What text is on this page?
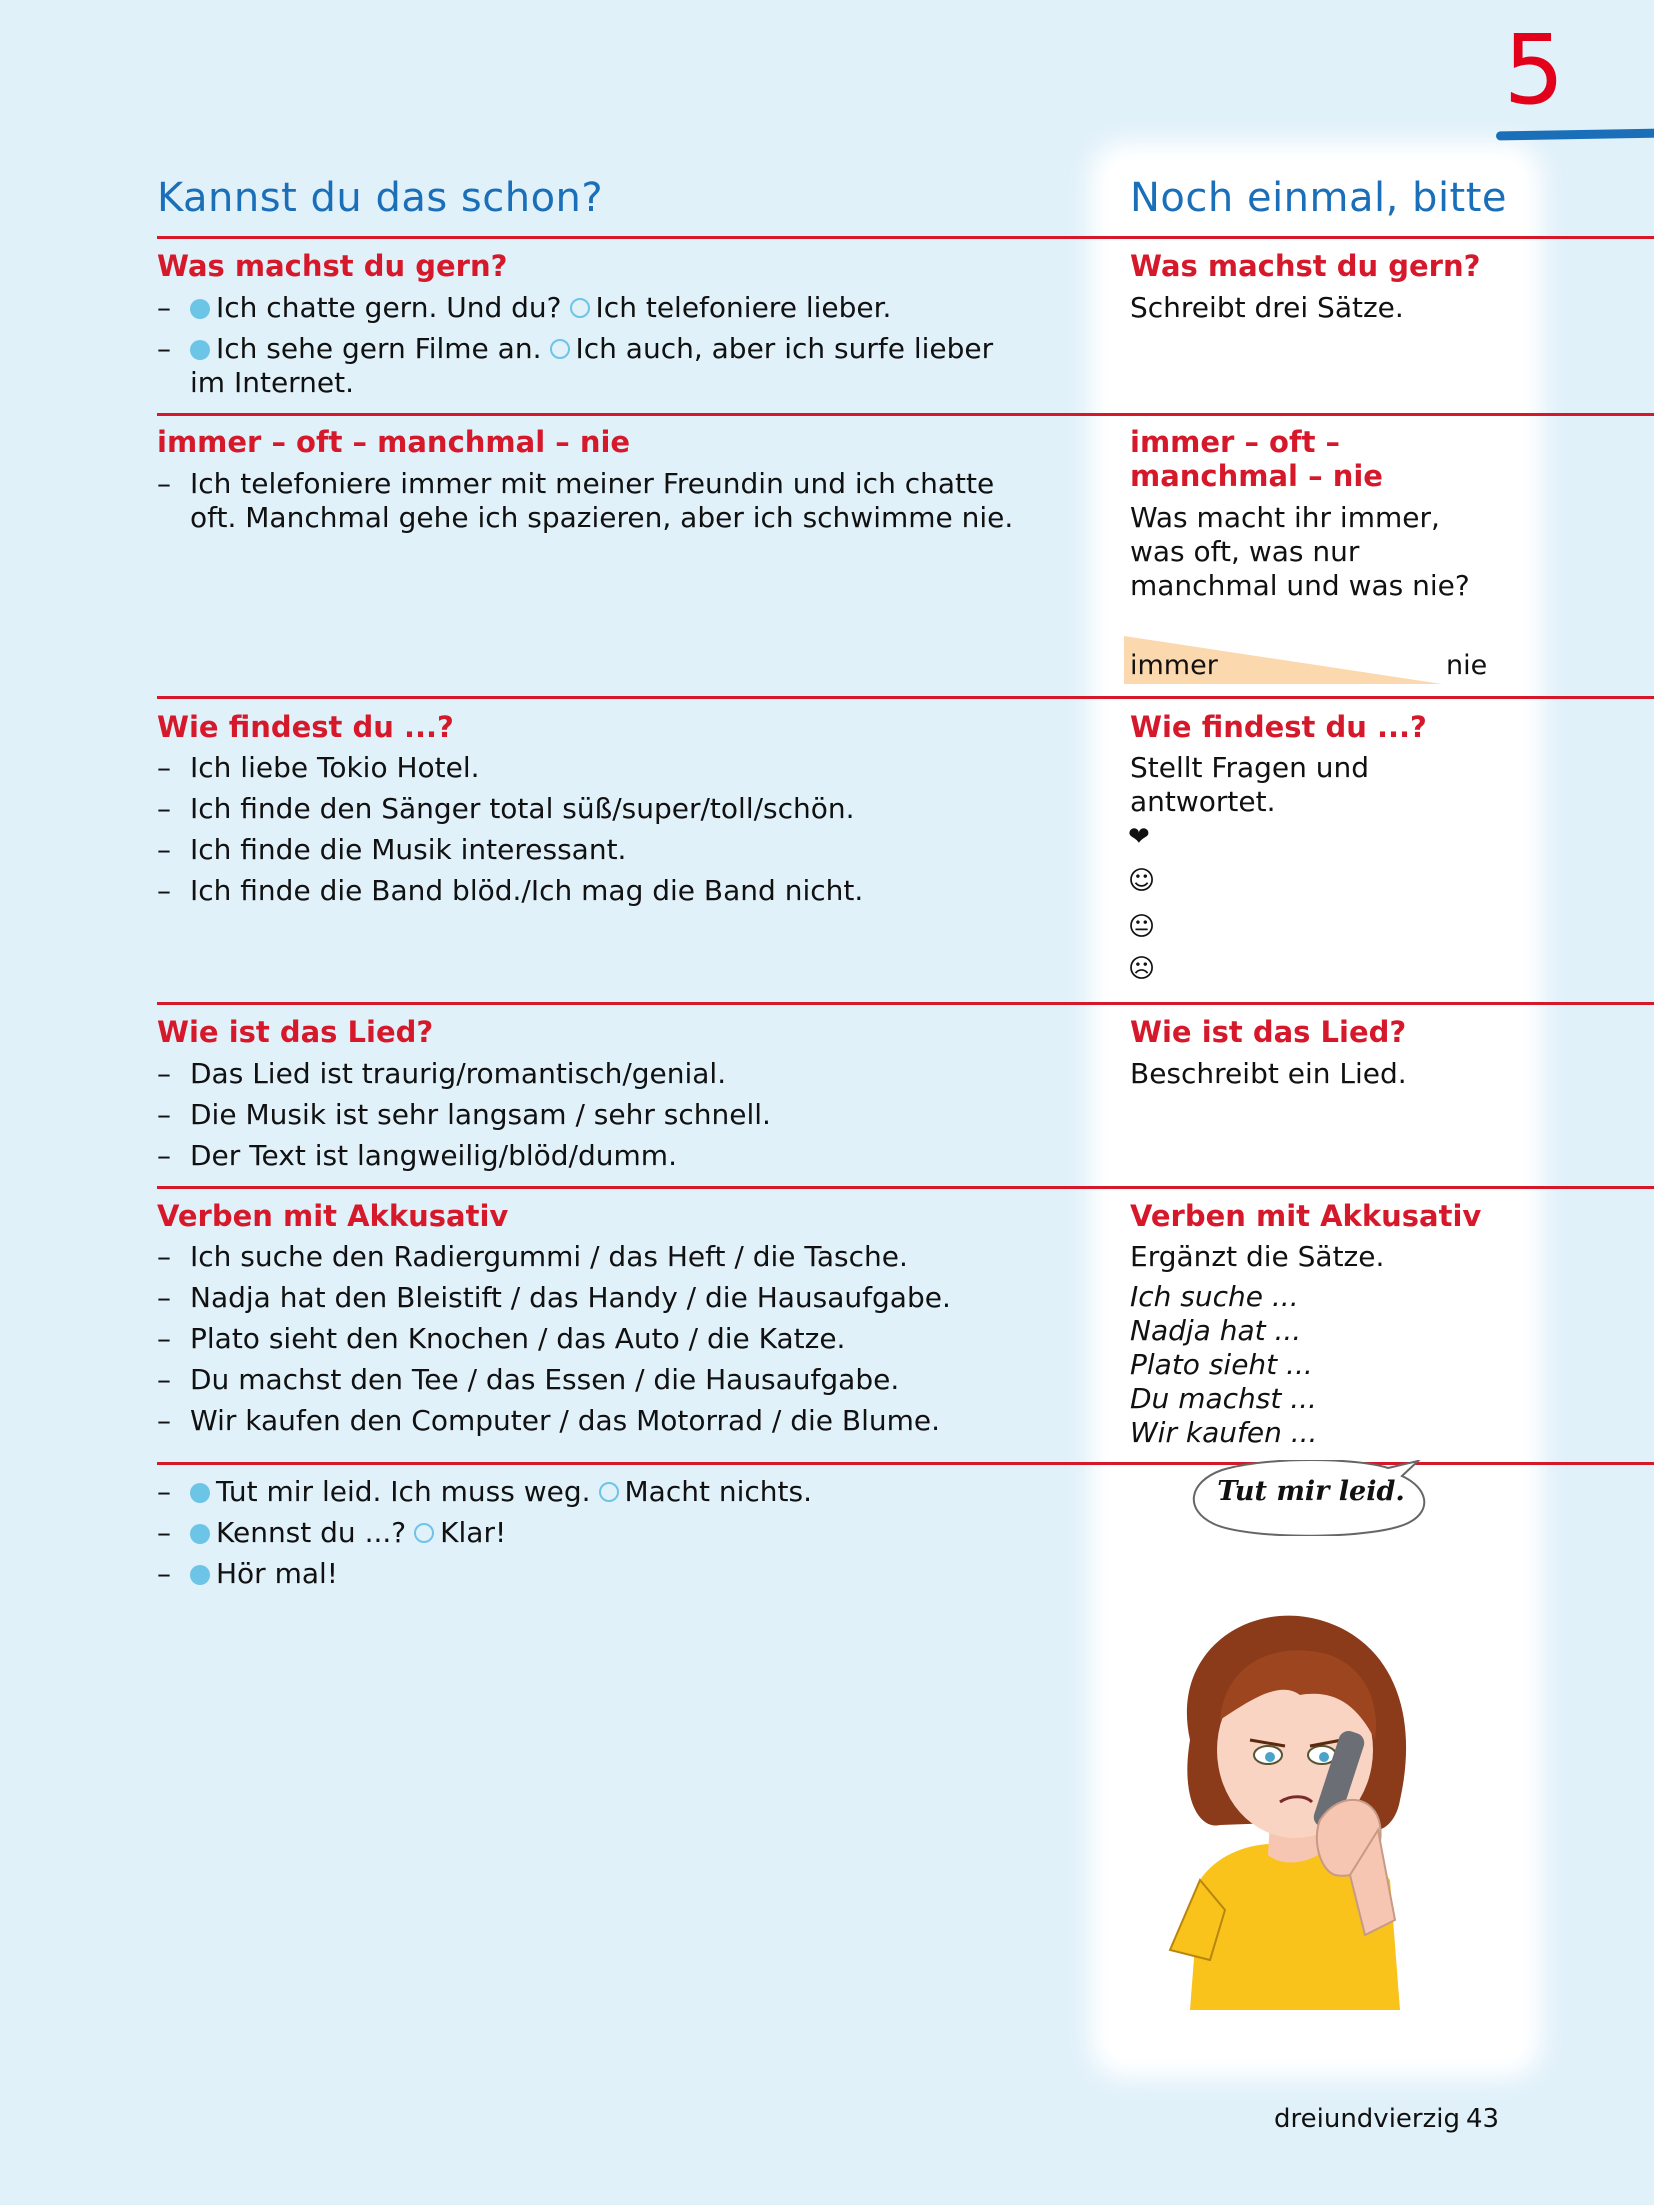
5
Kannst du das schon?	Noch einmal, bitte
Was machst du gern?
– Ich chatte gern. Und du? Ich telefoniere lieber.
– Ich sehe gern Filme an. Ich auch, aber ich surfe lieber im Internet.
Was machst du gern?
Schreibt drei Sätze.
immer – oft – manchmal – nie
– Ich telefoniere immer mit meiner Freundin und ich chatte oft. Manchmal gehe ich spazieren, aber ich schwimme nie.
immer – oft – manchmal – nie
Was macht ihr immer, was oft, was nur manchmal und was nie?
immer	nie
Wie findest du ...?
– Ich liebe Tokio Hotel.
– Ich finde den Sänger total süß/super/toll/schön.
– Ich finde die Musik interessant.
– Ich finde die Band blöd./Ich mag die Band nicht.
Wie findest du ...?
Stellt Fragen und antwortet.
❤
☺
😐
☹
Wie ist das Lied?
– Das Lied ist traurig/romantisch/genial.
– Die Musik ist sehr langsam / sehr schnell.
– Der Text ist langweilig/blöd/dumm.
Wie ist das Lied?
Beschreibt ein Lied.
Verben mit Akkusativ
– Ich suche den Radiergummi / das Heft / die Tasche.
– Nadja hat den Bleistift / das Handy / die Hausaufgabe.
– Plato sieht den Knochen / das Auto / die Katze.
– Du machst den Tee / das Essen / die Hausaufgabe.
– Wir kaufen den Computer / das Motorrad / die Blume.
Verben mit Akkusativ
Ergänzt die Sätze.
Ich suche ...
Nadja hat ...
Plato sieht ...
Du machst ...
Wir kaufen ...
– Tut mir leid. Ich muss weg. Macht nichts.
– Kennst du ...? Klar!
– Hör mal!
Tut mir leid.
dreiundvierzig 43
